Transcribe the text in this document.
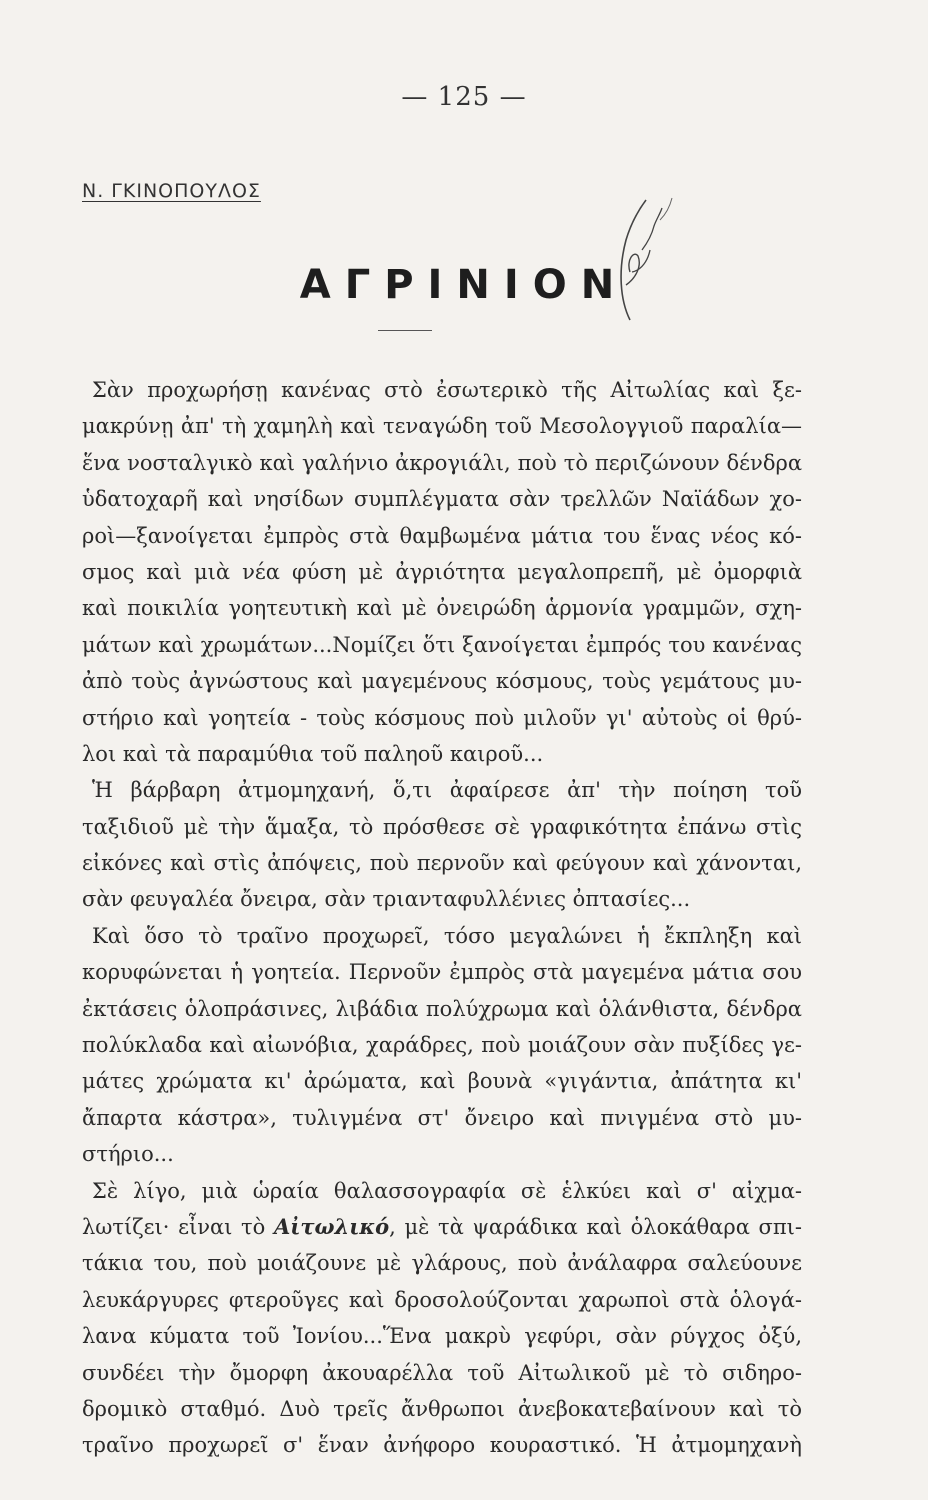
— 125 —
Ν. ΓΚΙΝΟΠΟΥΛΟΣ
ΑΓΡΙΝΙΟΝ
Σὰν προχωρήσῃ κανένας στὸ ἐσωτερικὸ τῆς Αἰτωλίας καὶ ξε-
μακρύνῃ ἀπ' τὴ χαμηλὴ καὶ τεναγώδη τοῦ Μεσολογγιοῦ παραλία—
ἕνα νοσταλγικὸ καὶ γαλήνιο ἀκρογιάλι, ποὺ τὸ περιζώνουν δένδρα
ὑδατοχαρῆ καὶ νησίδων συμπλέγματα σὰν τρελλῶν Ναϊάδων χο-
ροὶ—ξανοίγεται ἐμπρὸς στὰ θαμβωμένα μάτια του ἕνας νέος κό-
σμος καὶ μιὰ νέα φύση μὲ ἀγριότητα μεγαλοπρεπῆ, μὲ ὀμορφιὰ
καὶ ποικιλία γοητευτικὴ καὶ μὲ ὀνειρώδη ἁρμονία γραμμῶν, σχη-
μάτων καὶ χρωμάτων...Νομίζει ὅτι ξανοίγεται ἐμπρός του κανένας
ἀπὸ τοὺς ἀγνώστους καὶ μαγεμένους κόσμους, τοὺς γεμάτους μυ-
στήριο καὶ γοητεία - τοὺς κόσμους ποὺ μιλοῦν γι' αὐτοὺς οἱ θρύ-
λοι καὶ τὰ παραμύθια τοῦ παληοῦ καιροῦ...
Ἡ βάρβαρη ἀτμομηχανή, ὅ,τι ἀφαίρεσε ἀπ' τὴν ποίηση τοῦ
ταξιδιοῦ μὲ τὴν ἅμαξα, τὸ πρόσθεσε σὲ γραφικότητα ἐπάνω στὶς
εἰκόνες καὶ στὶς ἀπόψεις, ποὺ περνοῦν καὶ φεύγουν καὶ χάνονται,
σὰν φευγαλέα ὄνειρα, σὰν τριανταφυλλένιες ὀπτασίες...
Καὶ ὅσο τὸ τραῖνο προχωρεῖ, τόσο μεγαλώνει ἡ ἔκπληξη καὶ
κορυφώνεται ἡ γοητεία. Περνοῦν ἐμπρὸς στὰ μαγεμένα μάτια σου
ἐκτάσεις ὁλοπράσινες, λιβάδια πολύχρωμα καὶ ὁλάνθιστα, δένδρα
πολύκλαδα καὶ αἰωνόβια, χαράδρες, ποὺ μοιάζουν σὰν πυξίδες γε-
μάτες χρώματα κι' ἀρώματα, καὶ βουνὰ «γιγάντια, ἀπάτητα κι'
ἄπαρτα κάστρα», τυλιγμένα στ' ὄνειρο καὶ πνιγμένα στὸ μυ-
στήριο...
Σὲ λίγο, μιὰ ὡραία θαλασσογραφία σὲ ἑλκύει καὶ σ' αἰχμα-
λωτίζει· εἶναι τὸ Αἰτωλικό, μὲ τὰ ψαράδικα καὶ ὁλοκάθαρα σπι-
τάκια του, ποὺ μοιάζουνε μὲ γλάρους, ποὺ ἀνάλαφρα σαλεύουνε
λευκάργυρες φτεροῦγες καὶ δροσολούζονται χαρωποὶ στὰ ὁλογά-
λανα κύματα τοῦ Ἰονίου...Ἕνα μακρὺ γεφύρι, σὰν ρύγχος ὀξύ,
συνδέει τὴν ὄμορφη ἀκουαρέλλα τοῦ Αἰτωλικοῦ μὲ τὸ σιδηρο-
δρομικὸ σταθμό. Δυὸ τρεῖς ἄνθρωποι ἀνεβοκατεβαίνουν καὶ τὸ
τραῖνο προχωρεῖ σ' ἕναν ἀνήφορο κουραστικό. Ἡ ἀτμομηχανὴ
